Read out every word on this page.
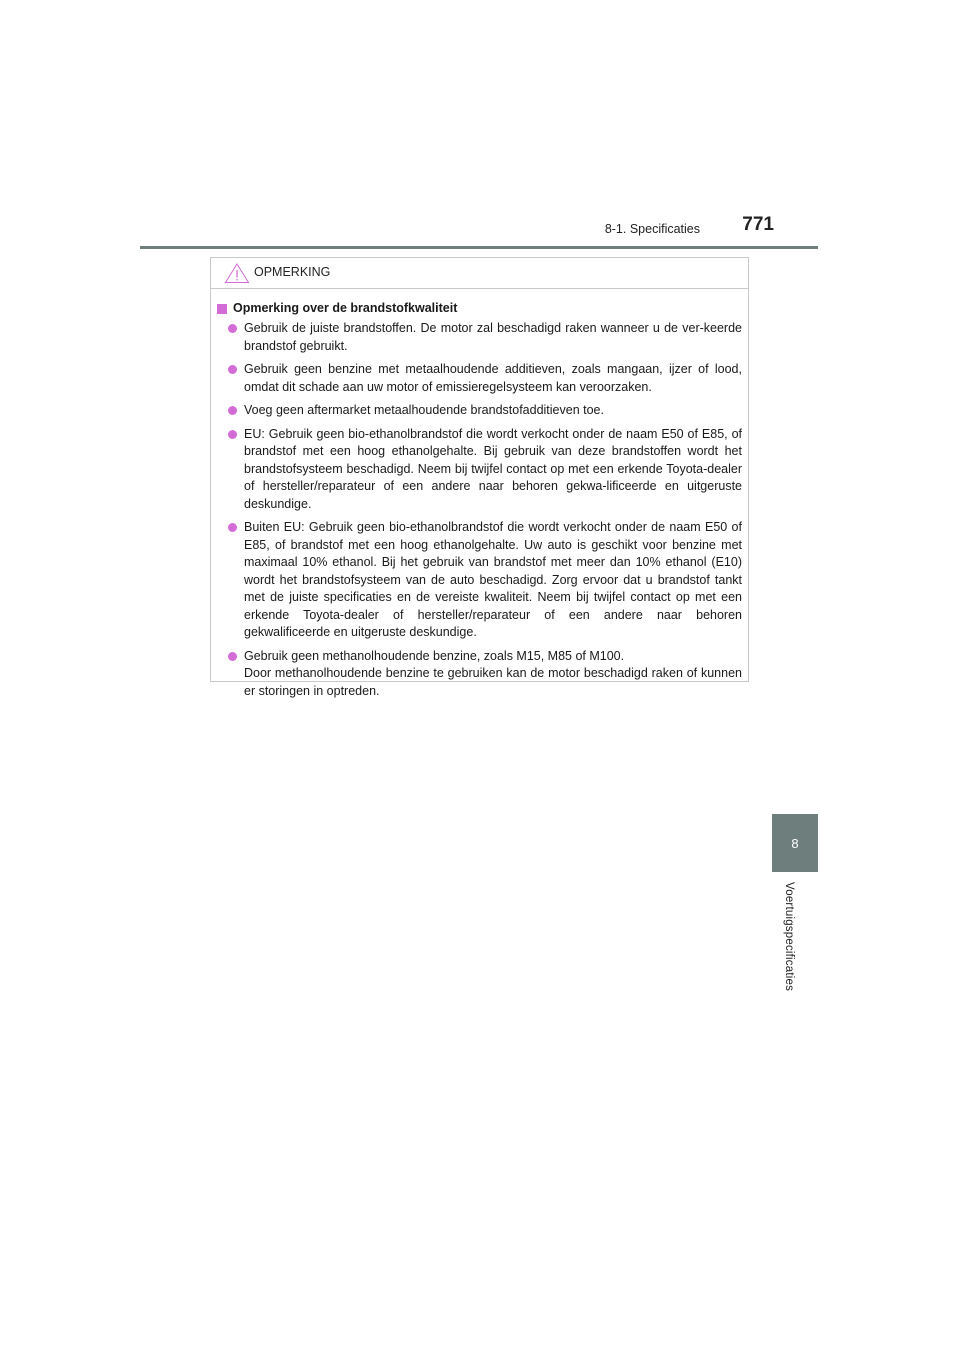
8-1. Specificaties 771
8
Voertuigspecificaties
OPMERKING
Opmerking over de brandstofkwaliteit
Gebruik de juiste brandstoffen. De motor zal beschadigd raken wanneer u de ver-keerde brandstof gebruikt.
Gebruik geen benzine met metaalhoudende additieven, zoals mangaan, ijzer of lood, omdat dit schade aan uw motor of emissieregelsysteem kan veroorzaken.
Voeg geen aftermarket metaalhoudende brandstofadditieven toe.
EU: Gebruik geen bio-ethanolbrandstof die wordt verkocht onder de naam E50 of E85, of brandstof met een hoog ethanolgehalte. Bij gebruik van deze brandstoffen wordt het brandstofsysteem beschadigd. Neem bij twijfel contact op met een erkende Toyota-dealer of hersteller/reparateur of een andere naar behoren gekwa-lificeerde en uitgeruste deskundige.
Buiten EU: Gebruik geen bio-ethanolbrandstof die wordt verkocht onder de naam E50 of E85, of brandstof met een hoog ethanolgehalte. Uw auto is geschikt voor benzine met maximaal 10% ethanol. Bij het gebruik van brandstof met meer dan 10% ethanol (E10) wordt het brandstofsysteem van de auto beschadigd. Zorg ervoor dat u brandstof tankt met de juiste specificaties en de vereiste kwaliteit. Neem bij twijfel contact op met een erkende Toyota-dealer of hersteller/reparateur of een andere naar behoren gekwalificeerde en uitgeruste deskundige.
Gebruik geen methanolhoudende benzine, zoals M15, M85 of M100.
Door methanolhoudende benzine te gebruiken kan de motor beschadigd raken of kunnen er storingen in optreden.
